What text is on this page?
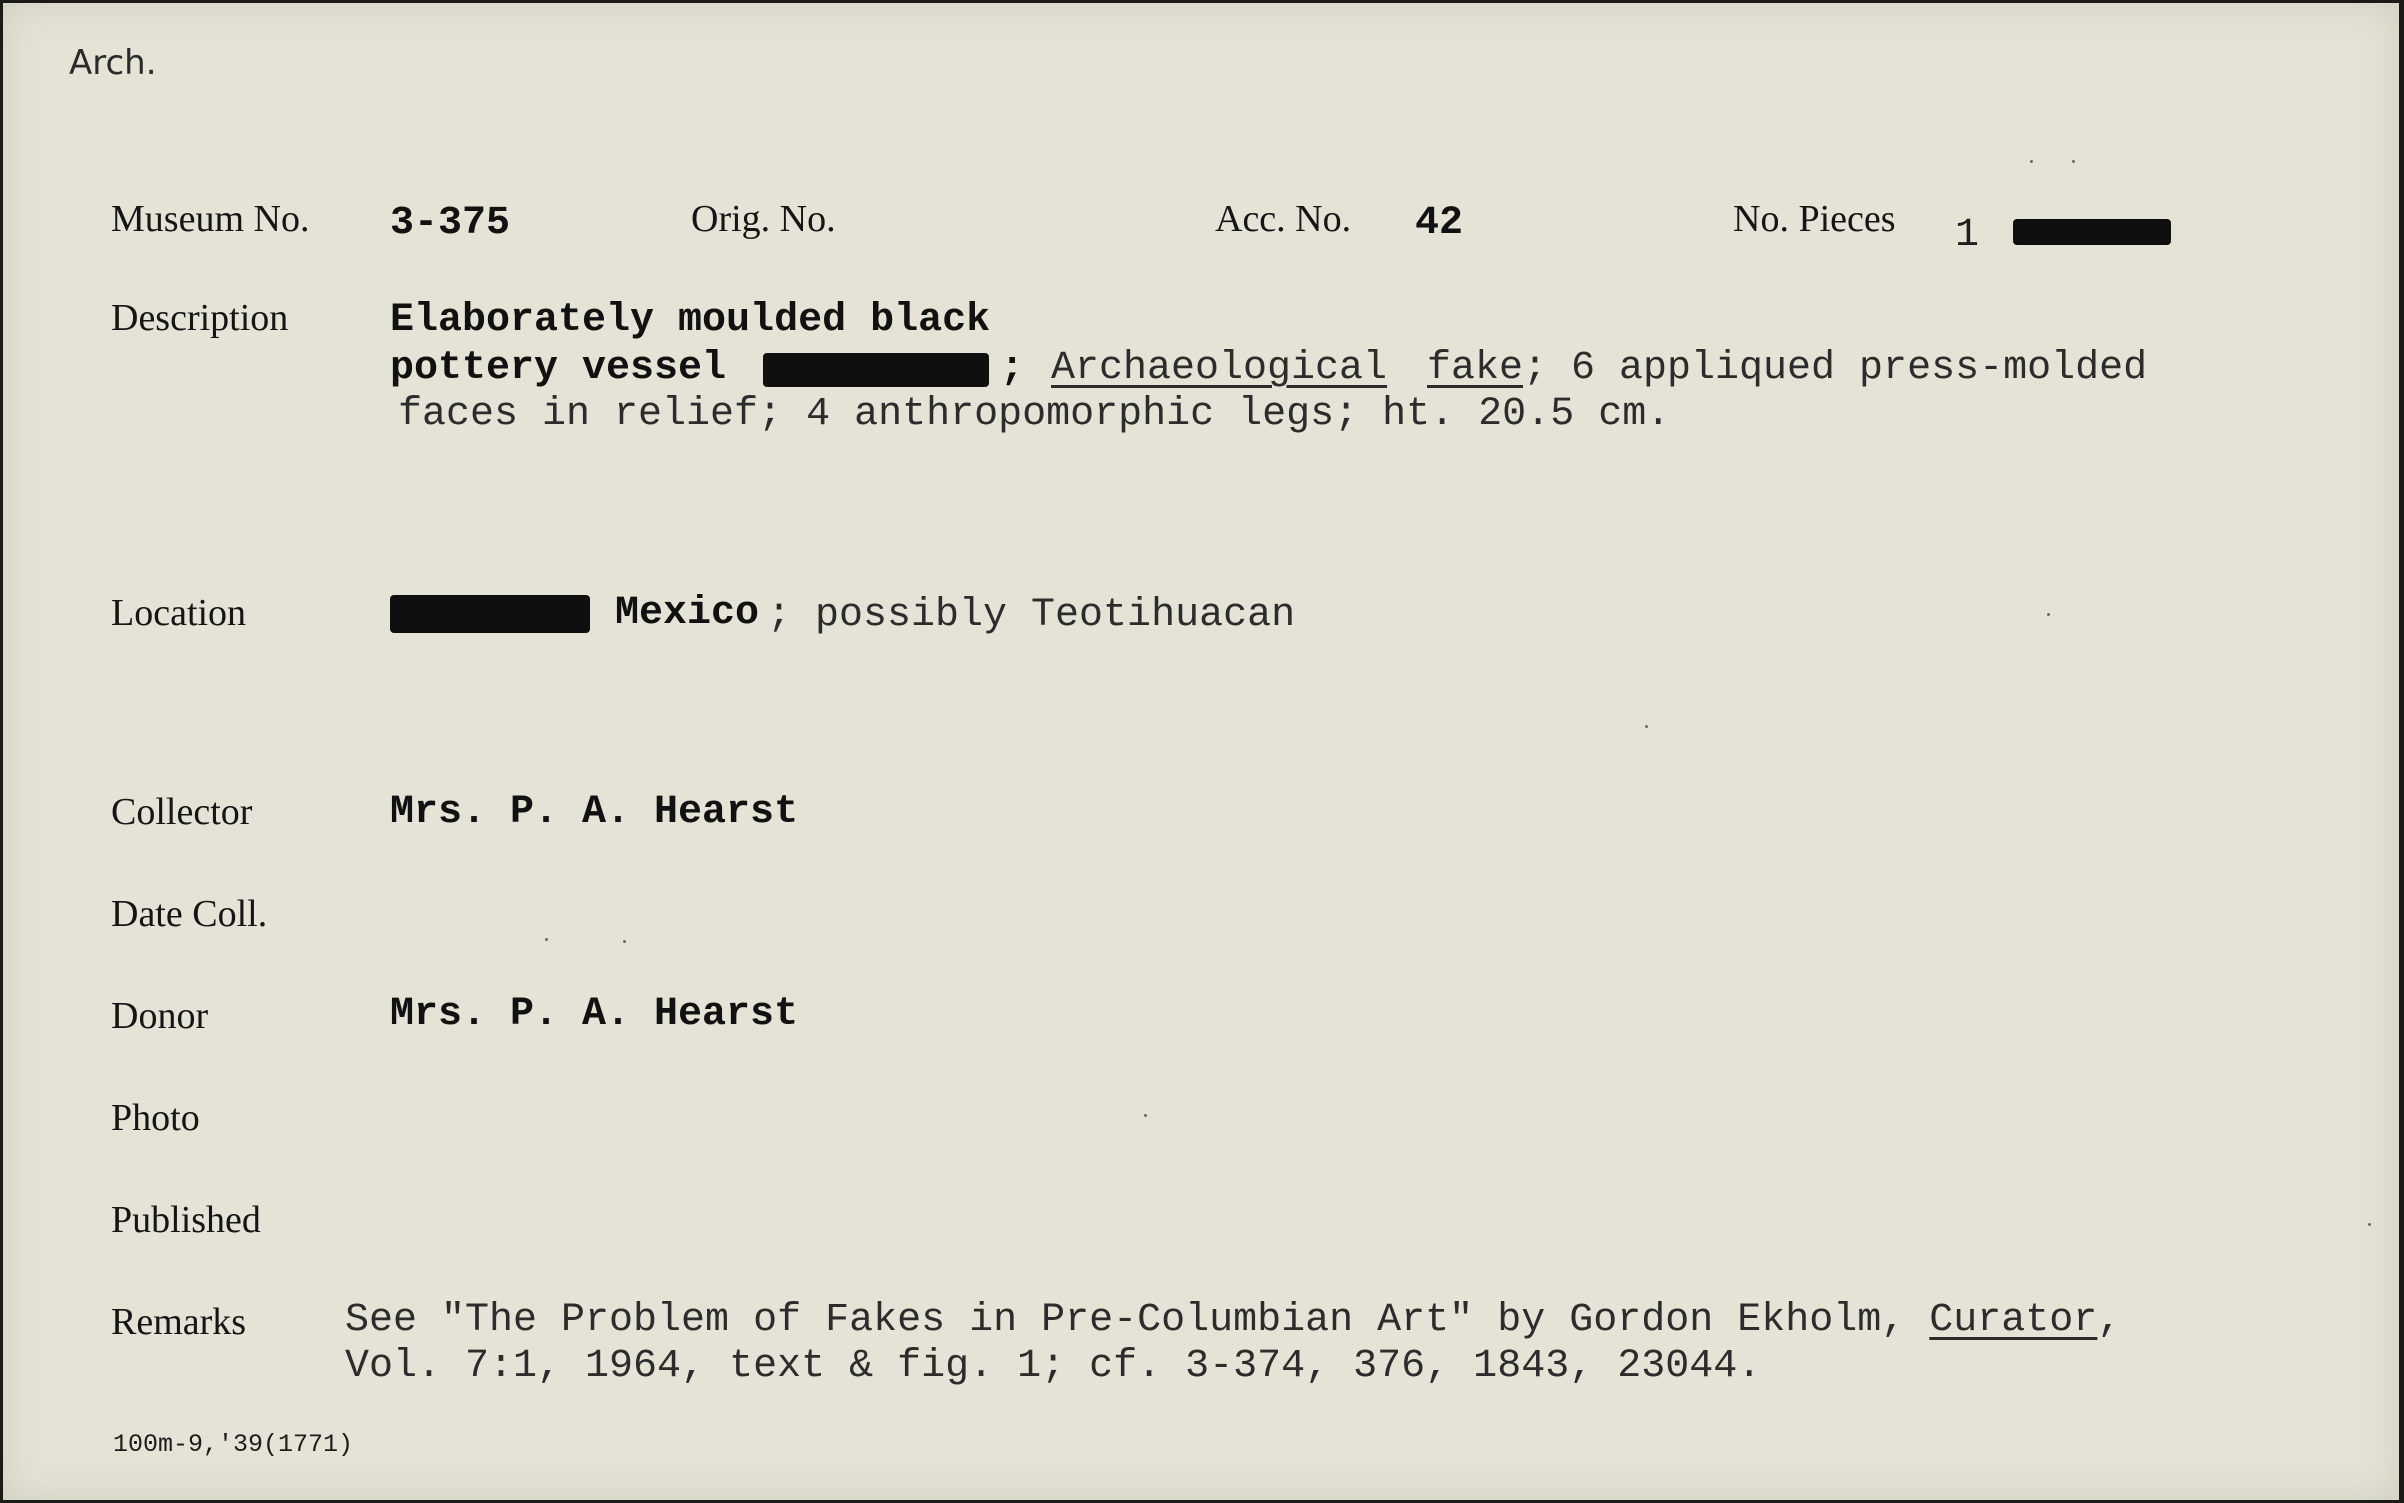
Arch.
Museum No. 3-375	Orig. No.	Acc. No. 42	No. Pieces 1
Description	Elaborately moulded black
pottery vessel	; Archaeological fake ; 6 appliqued press-molded
faces in relief; 4 anthropomorphic legs; ht. 20.5 cm.
Location	Mexico ; possibly Teotihuacan
Collector	Mrs. P. A. Hearst
Date Coll.
Donor	Mrs. P. A. Hearst
Photo
Published
Remarks See "The Problem of Fakes in Pre-Columbian Art" by Gordon Ekholm, Curator,
Vol. 7:1, 1964, text & fig. 1; cf. 3-374, 376, 1843, 23044.
100m-9,'39(1771)
